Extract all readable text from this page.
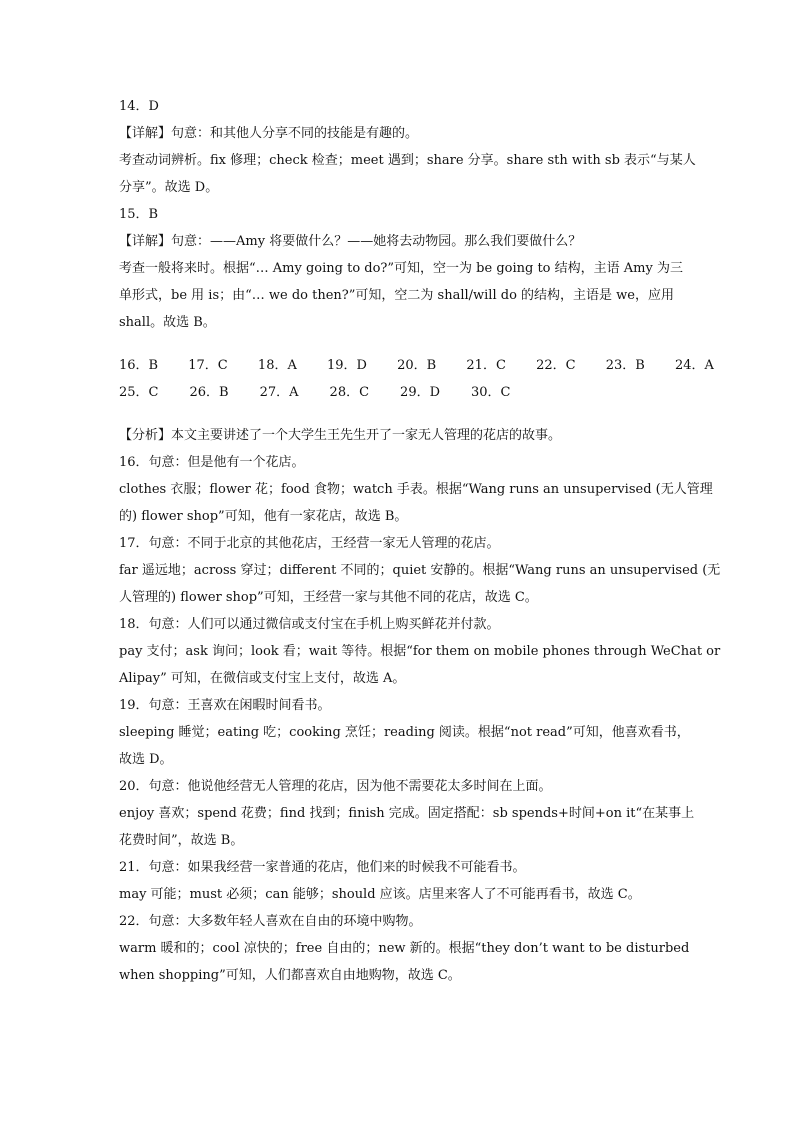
14．D
【详解】句意：和其他人分享不同的技能是有趣的。
考查动词辨析。fix 修理；check 检查；meet 遇到；share 分享。share sth with sb 表示“与某人
分享”。故选 D。
15．B
【详解】句意：——Amy 将要做什么？——她将去动物园。那么我们要做什么？
考查一般将来时。根据“… Amy going to do?”可知，空一为 be going to 结构，主语 Amy 为三
单形式，be 用 is；由“… we do then?”可知，空二为 shall/will do 的结构，主语是 we，应用
shall。故选 B。
16．B 17．C 18．A 19．D 20．B 21．C 22．C 23．B 24．A
25．C 26．B 27．A 28．C 29．D 30．C
【分析】本文主要讲述了一个大学生王先生开了一家无人管理的花店的故事。
16．句意：但是他有一个花店。
clothes 衣服；flower 花；food 食物；watch 手表。根据“Wang runs an unsupervised (无人管理
的) flower shop”可知，他有一家花店，故选 B。
17．句意：不同于北京的其他花店，王经营一家无人管理的花店。
far 遥远地；across 穿过；different 不同的；quiet 安静的。根据“Wang runs an unsupervised (无
人管理的) flower shop”可知，王经营一家与其他不同的花店，故选 C。
18．句意：人们可以通过微信或支付宝在手机上购买鲜花并付款。
pay 支付；ask 询问；look 看；wait 等待。根据“for them on mobile phones through WeChat or
Alipay” 可知，在微信或支付宝上支付，故选 A。
19．句意：王喜欢在闲暇时间看书。
sleeping 睡觉；eating 吃；cooking 烹饪；reading 阅读。根据“not read”可知，他喜欢看书，
故选 D。
20．句意：他说他经营无人管理的花店，因为他不需要花太多时间在上面。
enjoy 喜欢；spend 花费；find 找到；finish 完成。固定搭配：sb spends+时间+on it“在某事上
花费时间”，故选 B。
21．句意：如果我经营一家普通的花店，他们来的时候我不可能看书。
may 可能；must 必须；can 能够；should 应该。店里来客人了不可能再看书，故选 C。
22．句意：大多数年轻人喜欢在自由的环境中购物。
warm 暖和的；cool 凉快的；free 自由的；new 新的。根据“they don’t want to be disturbed
when shopping”可知，人们都喜欢自由地购物，故选 C。
